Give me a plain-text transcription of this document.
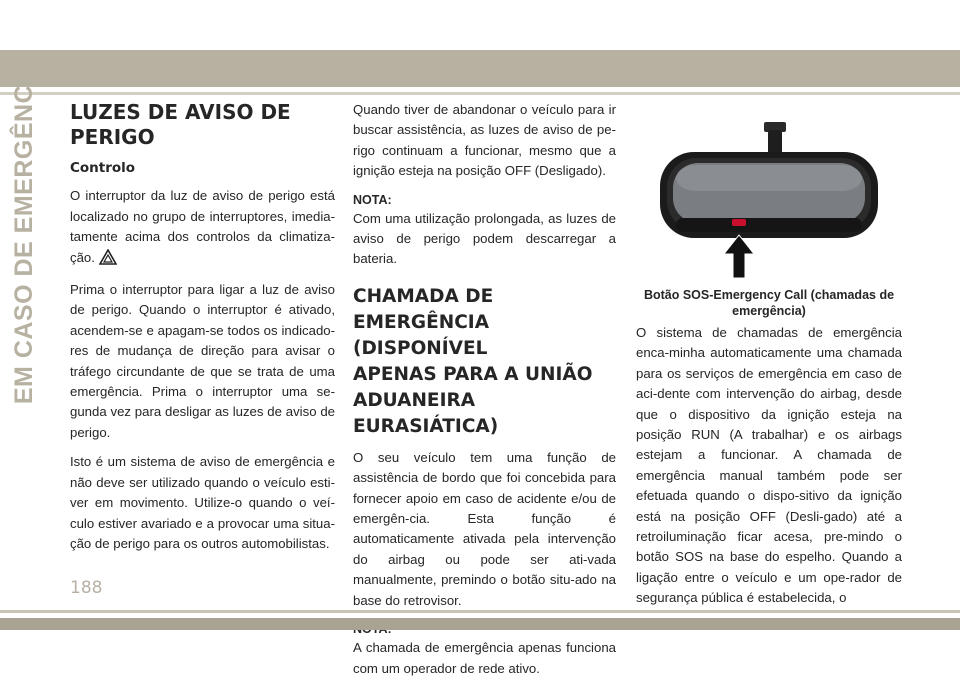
EM CASO DE EMERGÊNCIA LUZES DE AVISO DE
PERIGO
Controlo

O interruptor da luz de aviso de perigo está localizado no grupo de interruptores, imedia-tamente acima dos controlos da climatiza-ção.

Prima o interruptor para ligar a luz de aviso de perigo. Quando o interruptor é ativado, acendem-se e apagam-se todos os indicado-res de mudança de direção para avisar o tráfego circundante de que se trata de uma emergência. Prima o interruptor uma se-gunda vez para desligar as luzes de aviso de perigo.

Isto é um sistema de aviso de emergência e não deve ser utilizado quando o veículo esti-ver em movimento. Utilize-o quando o veí-culo estiver avariado e a provocar uma situa-ção de perigo para os outros automobilistas.

Quando tiver de abandonar o veículo para ir buscar assistência, as luzes de aviso de pe-rigo continuam a funcionar, mesmo que a ignição esteja na posição OFF (Desligado).

NOTA:

Com uma utilização prolongada, as luzes de aviso de perigo podem descarregar a bateria.

CHAMADA DE
EMERGÊNCIA (DISPONÍVEL
APENAS PARA A UNIÃO
ADUANEIRA EURASIÁTICA)

O seu veículo tem uma função de assistência de bordo que foi concebida para fornecer apoio em caso de acidente e/ou de emergên-cia. Esta função é automaticamente ativada pela intervenção do airbag ou pode ser ati-vada manualmente, premindo o botão situ-ado na base do retrovisor.

A chamada de emergência apenas funciona com um operador de rede ativo.

Botão SOS-Emergency Call (chamadas de
emergência)
O sistema de chamadas de emergência enca-minha automaticamente uma chamada para os serviços de emergência em caso de aci-dente com intervenção do airbag, desde que o dispositivo da ignição esteja na posição RUN (A trabalhar) e os airbags estejam a funcionar. A chamada de emergência manual também pode ser efetuada quando o dispo-sitivo da ignição está na posição OFF (Desli-gado) até a retroiluminação ficar acesa, pre-mindo o botão SOS na base do espelho. Quando a ligação entre o veículo e um ope-rador de segurança pública é estabelecida, o
188
